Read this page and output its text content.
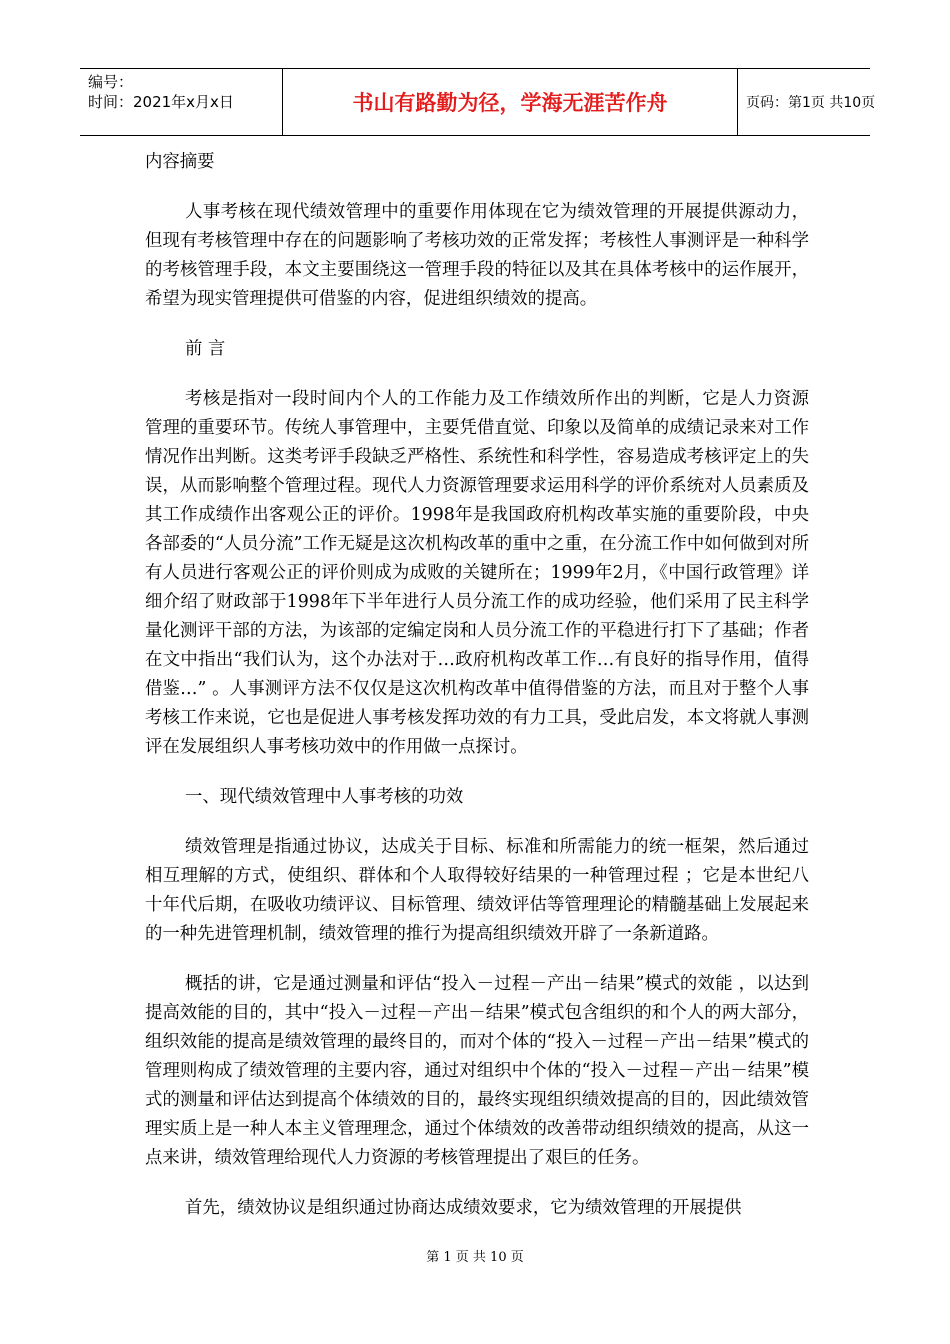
编号：
时间：2021年x月x日	书山有路勤为径，学海无涯苦作舟	页码：第1页 共10页

内容摘要

人事考核在现代绩效管理中的重要作用体现在它为绩效管理的开展提供源动力，但现有考核管理中存在的问题影响了考核功效的正常发挥；考核性人事测评是一种科学的考核管理手段，本文主要围绕这一管理手段的特征以及其在具体考核中的运作展开，希望为现实管理提供可借鉴的内容，促进组织绩效的提高。

前 言

考核是指对一段时间内个人的工作能力及工作绩效所作出的判断，它是人力资源管理的重要环节。传统人事管理中，主要凭借直觉、印象以及简单的成绩记录来对工作情况作出判断。这类考评手段缺乏严格性、系统性和科学性，容易造成考核评定上的失误，从而影响整个管理过程。现代人力资源管理要求运用科学的评价系统对人员素质及其工作成绩作出客观公正的评价。1998年是我国政府机构改革实施的重要阶段，中央各部委的“人员分流”工作无疑是这次机构改革的重中之重，在分流工作中如何做到对所有人员进行客观公正的评价则成为成败的关键所在；1999年2月，《中国行政管理》详细介绍了财政部于1998年下半年进行人员分流工作的成功经验，他们采用了民主科学量化测评干部的方法，为该部的定编定岗和人员分流工作的平稳进行打下了基础；作者在文中指出“我们认为，这个办法对于…政府机构改革工作…有良好的指导作用，值得借鉴…” 。人事测评方法不仅仅是这次机构改革中值得借鉴的方法，而且对于整个人事考核工作来说，它也是促进人事考核发挥功效的有力工具，受此启发，本文将就人事测评在发展组织人事考核功效中的作用做一点探讨。

一、现代绩效管理中人事考核的功效

绩效管理是指通过协议，达成关于目标、标准和所需能力的统一框架，然后通过相互理解的方式，使组织、群体和个人取得较好结果的一种管理过程 ；它是本世纪八十年代后期，在吸收功绩评议、目标管理、绩效评估等管理理论的精髓基础上发展起来的一种先进管理机制，绩效管理的推行为提高组织绩效开辟了一条新道路。

概括的讲，它是通过测量和评估“投入－过程－产出－结果”模式的效能 ，以达到提高效能的目的，其中“投入－过程－产出－结果”模式包含组织的和个人的两大部分，组织效能的提高是绩效管理的最终目的，而对个体的“投入－过程－产出－结果”模式的管理则构成了绩效管理的主要内容，通过对组织中个体的“投入－过程－产出－结果”模式的测量和评估达到提高个体绩效的目的，最终实现组织绩效提高的目的，因此绩效管理实质上是一种人本主义管理理念，通过个体绩效的改善带动组织绩效的提高，从这一点来讲，绩效管理给现代人力资源的考核管理提出了艰巨的任务。

首先，绩效协议是组织通过协商达成绩效要求，它为绩效管理的开展提供

第 1 页 共 10 页
